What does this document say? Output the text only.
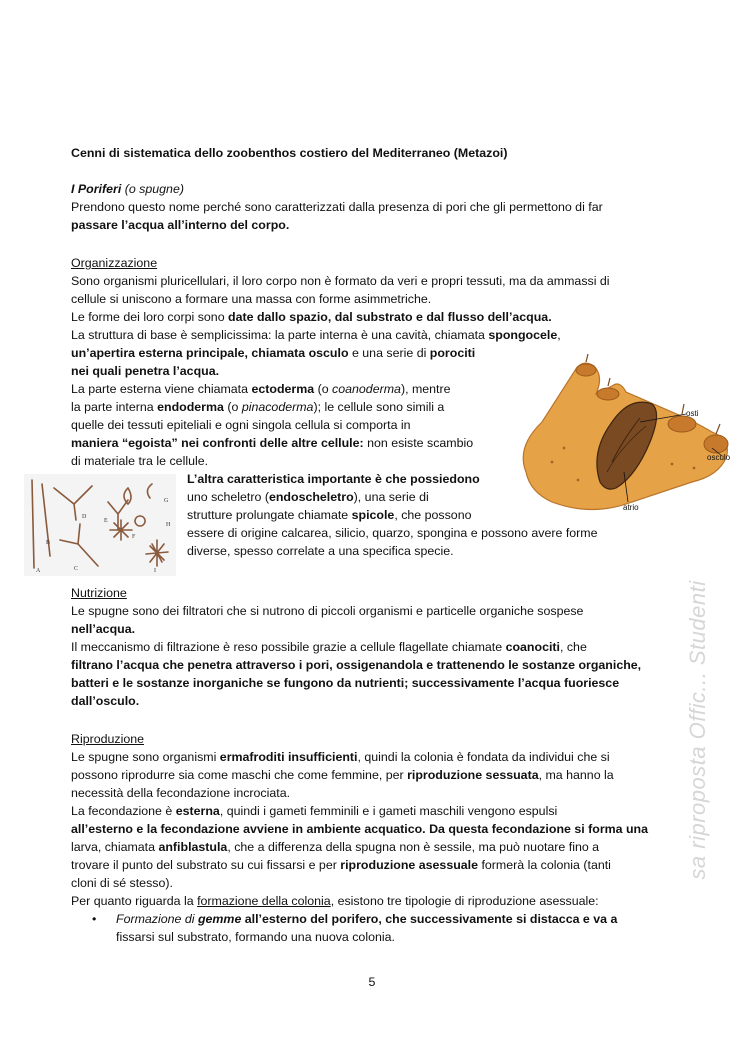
Cenni di sistematica dello zoobenthos costiero del Mediterraneo (Metazoi)
I Poriferi (o spugne)
Prendono questo nome perché sono caratterizzati dalla presenza di pori che gli permettono di far
passare l’acqua all’interno del corpo.
Organizzazione
Sono organismi pluricellulari, il loro corpo non è formato da veri e propri tessuti, ma da ammassi di
cellule si uniscono a formare una massa con forme asimmetriche.
Le forme dei loro corpi sono date dallo spazio, dal substrato e dal flusso dell’acqua.
La struttura di base è semplicissima: la parte interna è una cavità, chiamata spongocele,
un’apertira esterna principale, chiamata osculo e una serie di porociti
nei quali penetra l’acqua.
La parte esterna viene chiamata ectoderma (o coanoderma), mentre
la parte interna endoderma (o pinacoderma); le cellule sono simili a
quelle dei tessuti epiteliali e ogni singola cellula si comporta in
maniera “egoista” nei confronti delle altre cellule: non esiste scambio
di materiale tra le cellule.
L’altra caratteristica importante è che possiedono
uno scheletro (endoscheletro), una serie di
strutture prolungate chiamate spicole, che possono
essere di origine calcarea, silicio, quarzo, spongina e possono avere forme
diverse, spesso correlate a una specifica specie.
osti
osculo
atrio
A
B
C
D
E
F
G
H
I
Nutrizione
Le spugne sono dei filtratori che si nutrono di piccoli organismi e particelle organiche sospese
nell’acqua.
Il meccanismo di filtrazione è reso possibile grazie a cellule flagellate chiamate coanociti, che
filtrano l’acqua che penetra attraverso i pori, ossigenandola e trattenendo le sostanze organiche,
batteri e le sostanze inorganiche se fungono da nutrienti; successivamente l’acqua fuoriesce
dall’osculo.
Riproduzione
Le spugne sono organismi ermafroditi insufficienti, quindi la colonia è fondata da individui che si
possono riprodurre sia come maschi che come femmine, per riproduzione sessuata, ma hanno la
necessità della fecondazione incrociata.
La fecondazione è esterna, quindi i gameti femminili e i gameti maschili vengono espulsi
all’esterno e la fecondazione avviene in ambiente acquatico. Da questa fecondazione si forma una
larva, chiamata anfiblastula, che a differenza della spugna non è sessile, ma può nuotare fino a
trovare il punto del substrato su cui fissarsi e per riproduzione asessuale formerà la colonia (tanti
cloni di sé stesso).
Per quanto riguarda la formazione della colonia, esistono tre tipologie di riproduzione asessuale:
• Formazione di gemme all’esterno del porifero, che successivamente si distacca e va a
fissarsi sul substrato, formando una nuova colonia.
sa riproposta Offic... Studenti
5
